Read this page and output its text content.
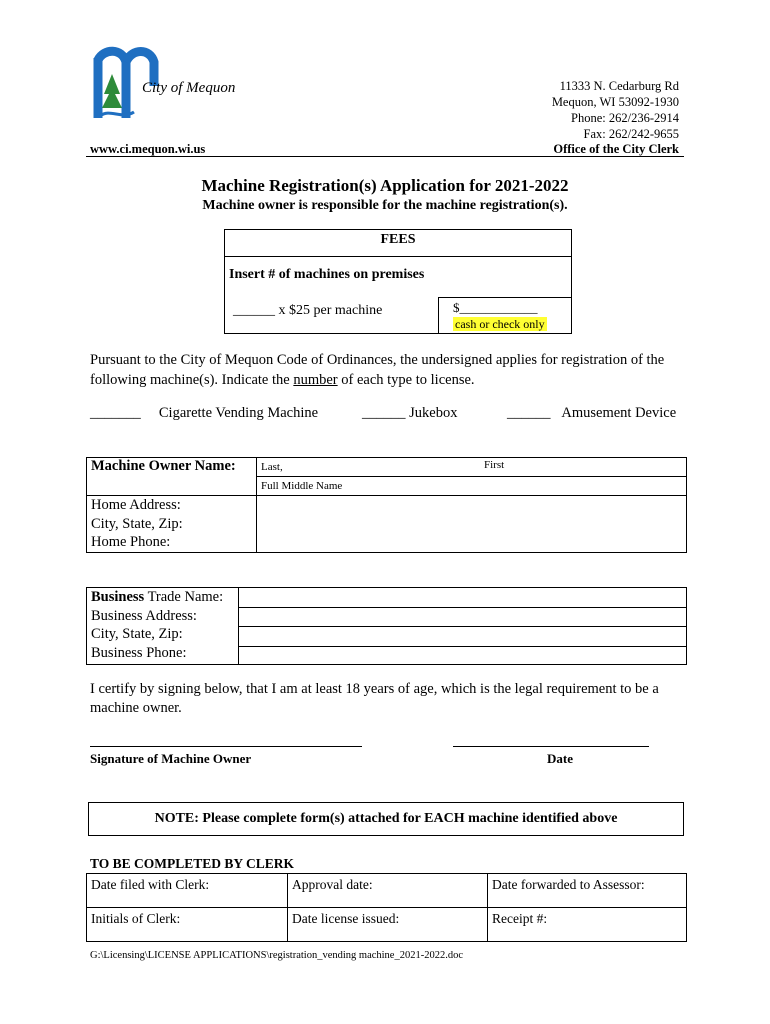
City of Mequon	11333 N. Cedarburg Rd
Mequon, WI 53092-1930
Phone: 262/236-2914
Fax: 262/242-9655
www.ci.mequon.wi.us	Office of the City Clerk
Machine Registration(s) Application for 2021-2022
Machine owner is responsible for the machine registration(s).
FEES
Insert # of machines on premises
______ x $25 per machine	$____________
cash or check only
Pursuant to the City of Mequon Code of Ordinances, the undersigned applies for registration of the following machine(s). Indicate the number of each type to license.
_______ Cigarette Vending Machine	______ Jukebox	______ Amusement Device
Machine Owner Name:	Last, First

	Full Middle Name

Home Address:
City, State, Zip:
Home Phone:	

Business Trade Name:
Business Address:
City, State, Zip:
Business Phone:

I certify by signing below, that I am at least 18 years of age, which is the legal requirement to be a machine owner.
Signature of Machine Owner	Date
NOTE: Please complete form(s) attached for EACH machine identified above
TO BE COMPLETED BY CLERK
Date filed with Clerk:	Approval date:	Date forwarded to Assessor:
Initials of Clerk:	Date license issued:	Receipt #:
G:\Licensing\LICENSE APPLICATIONS\registration_vending machine_2021-2022.doc
